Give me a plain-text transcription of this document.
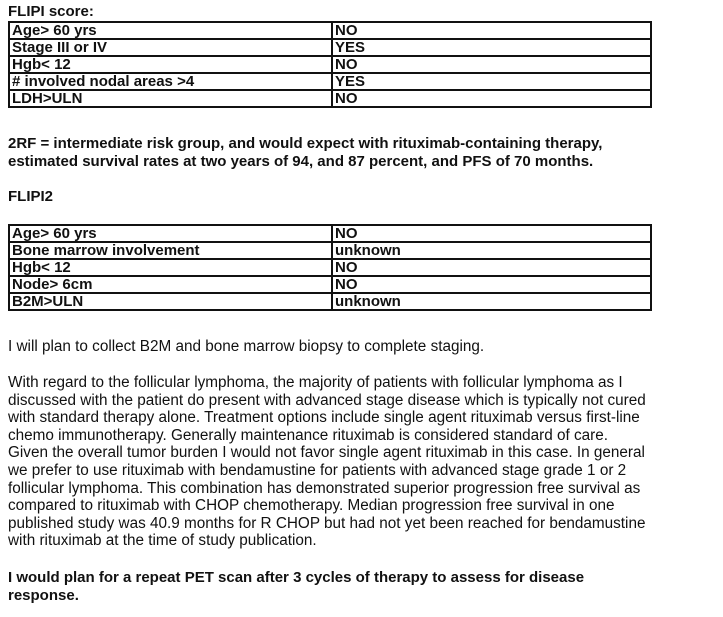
FLIPI score:
Age> 60 yrs	NO
Stage III or IV	YES
Hgb< 12	NO
# involved nodal areas >4	YES
LDH>ULN	NO
2RF = intermediate risk group, and would expect with rituximab-containing therapy,
estimated survival rates at two years of 94, and 87 percent, and PFS of 70 months.
FLIPI2
Age> 60 yrs	NO
Bone marrow involvement	unknown
Hgb< 12	NO
Node> 6cm	NO
B2M>ULN	unknown
I will plan to collect B2M and bone marrow biopsy to complete staging.
With regard to the follicular lymphoma, the majority of patients with follicular lymphoma as I
discussed with the patient do present with advanced stage disease which is typically not cured
with standard therapy alone. Treatment options include single agent rituximab versus first-line
chemo immunotherapy. Generally maintenance rituximab is considered standard of care.
Given the overall tumor burden I would not favor single agent rituximab in this case. In general
we prefer to use rituximab with bendamustine for patients with advanced stage grade 1 or 2
follicular lymphoma. This combination has demonstrated superior progression free survival as
compared to rituximab with CHOP chemotherapy. Median progression free survival in one
published study was 40.9 months for R CHOP but had not yet been reached for bendamustine
with rituximab at the time of study publication.
I would plan for a repeat PET scan after 3 cycles of therapy to assess for disease
response.
